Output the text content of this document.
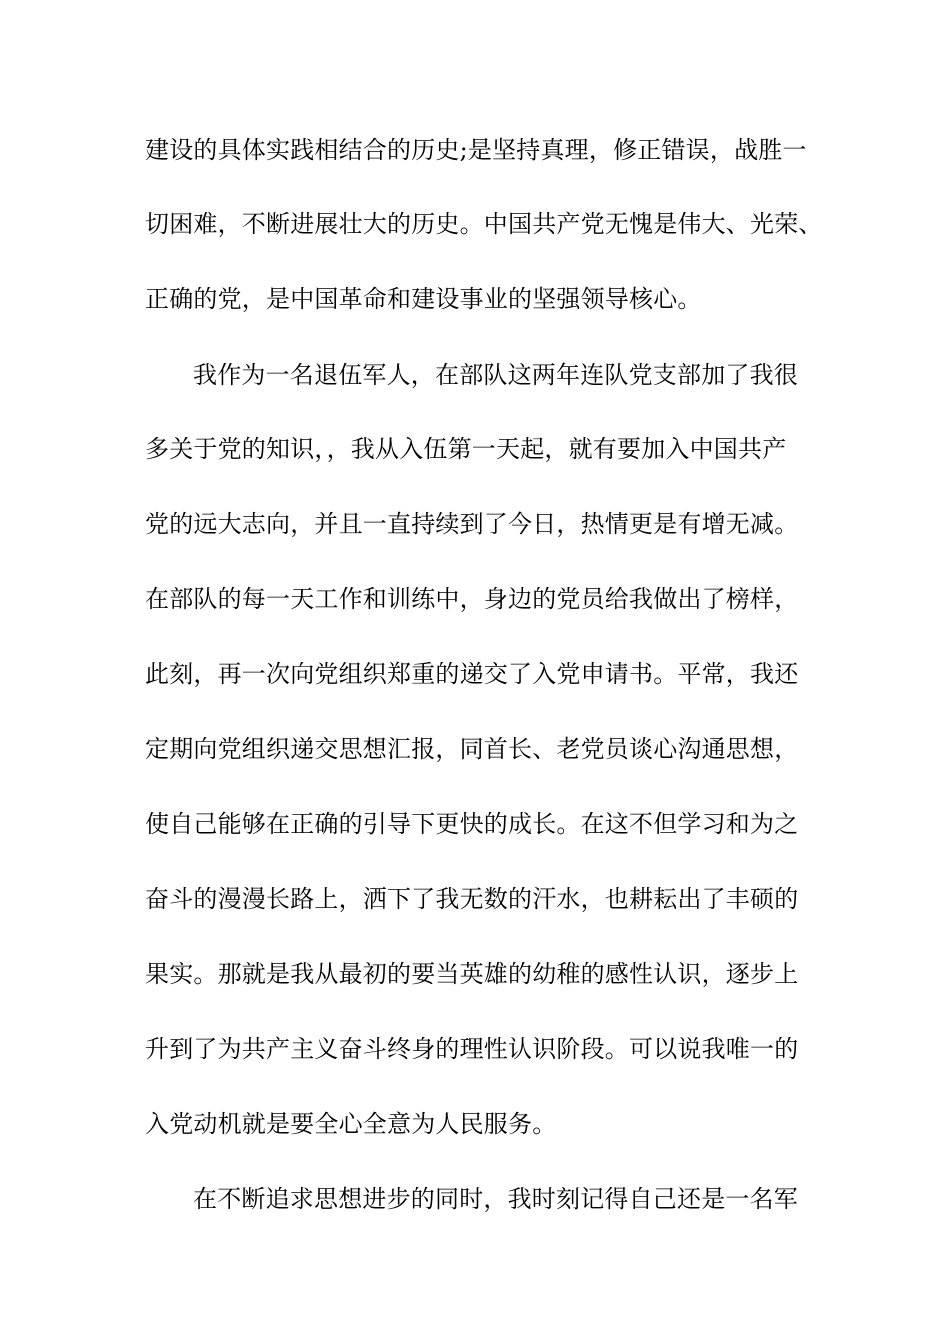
建设的具体实践相结合的历史;是坚持真理，修正错误，战胜一
切困难，不断进展壮大的历史。中国共产党无愧是伟大、光荣、
正确的党，是中国革命和建设事业的坚强领导核心。
我作为一名退伍军人，在部队这两年连队党支部加了我很
多关于党的知识，，我从入伍第一天起，就有要加入中国共产
党的远大志向，并且一直持续到了今日，热情更是有增无减。
在部队的每一天工作和训练中，身边的党员给我做出了榜样，
此刻，再一次向党组织郑重的递交了入党申请书。平常，我还
定期向党组织递交思想汇报，同首长、老党员谈心沟通思想，
使自己能够在正确的引导下更快的成长。在这不但学习和为之
奋斗的漫漫长路上，洒下了我无数的汗水，也耕耘出了丰硕的
果实。那就是我从最初的要当英雄的幼稚的感性认识，逐步上
升到了为共产主义奋斗终身的理性认识阶段。可以说我唯一的
入党动机就是要全心全意为人民服务。
在不断追求思想进步的同时，我时刻记得自己还是一名军
